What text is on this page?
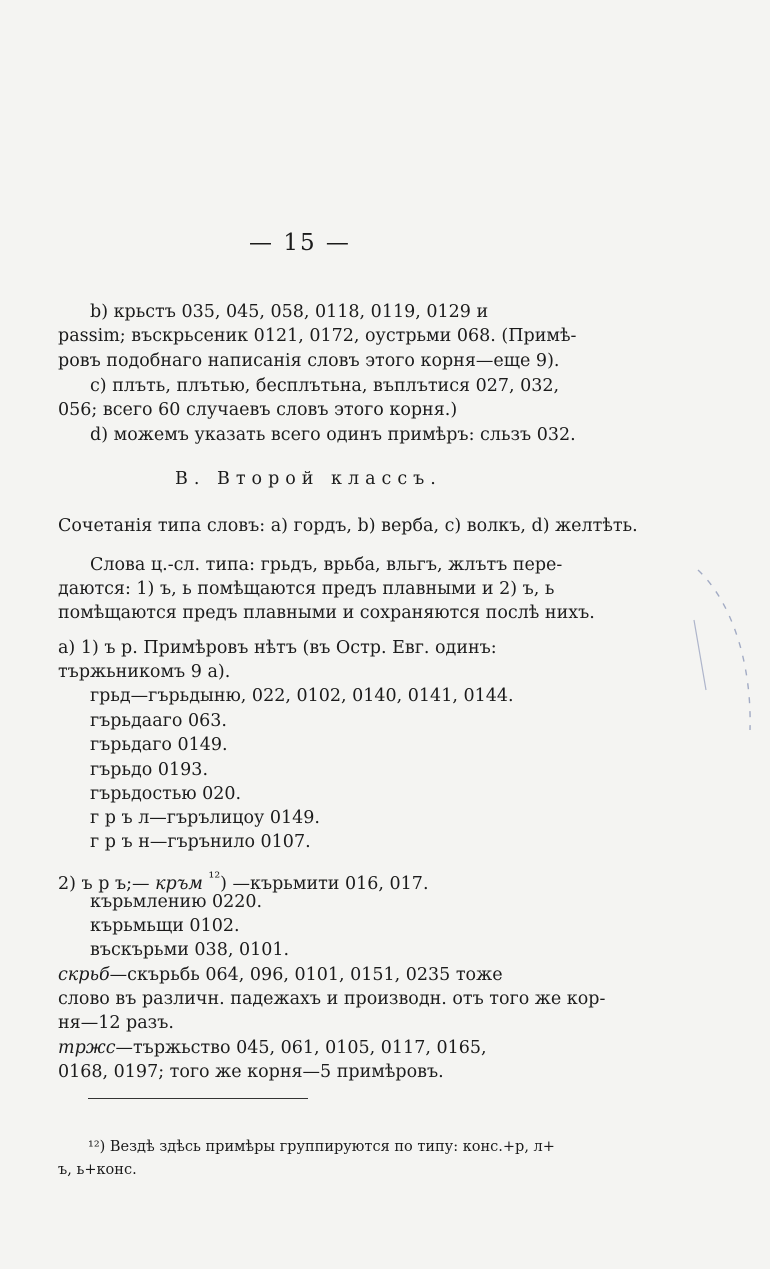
— 15 —
b) крьстъ 035, 045, 058, 0118, 0119, 0129 и
passim; въскрьсеник 0121, 0172, оустрьми 068. (Примѣ-
ровъ подобнаго написанія словъ этого корня—еще 9).
c) плъть, плътью, бесплътьна, въплътися 027, 032,
056; всего 60 случаевъ словъ этого корня.)
d) можемъ указать всего одинъ примѣръ: сльзъ 032.
В. Второй классъ.
Сочетанія типа словъ: a) гордъ, b) верба, c) волкъ, d) желтѣть.
Слова ц.-сл. типа: грьдъ, врьба, вльгъ, жлътъ пере-
даются: 1) ъ, ь помѣщаются предъ плавными и 2) ъ, ь
помѣщаются предъ плавными и сохраняются послѣ нихъ.
a) 1) ъ р. Примѣровъ нѣтъ (въ Остр. Евг. одинъ:
тържьникомъ 9 а).
грьд—гърьдыню, 022, 0102, 0140, 0141, 0144.
гърьдааго 063.
гърьдаго 0149.
гърьдо 0193.
гърьдостью 020.
г р ъ л—гърълицоу 0149.
г р ъ н—гърънило 0107.
2) ъ р ъ;— кръм $^{^{12}}$) —кърьмити 016, 017.
кърьмлению 0220.
кърьмьщи 0102.
въскърьми 038, 0101.
скрьб—скърьбь 064, 096, 0101, 0151, 0235 тоже
слово въ различн. падежахъ и производн. отъ того же кор-
ня—12 разъ.
тржс—тържьство 045, 061, 0105, 0117, 0165,
0168, 0197; того же корня—5 примѣровъ.
¹²) Вездѣ здѣсь примѣры группируются по типу: конс.+р, л+
ъ, ь+конс.
